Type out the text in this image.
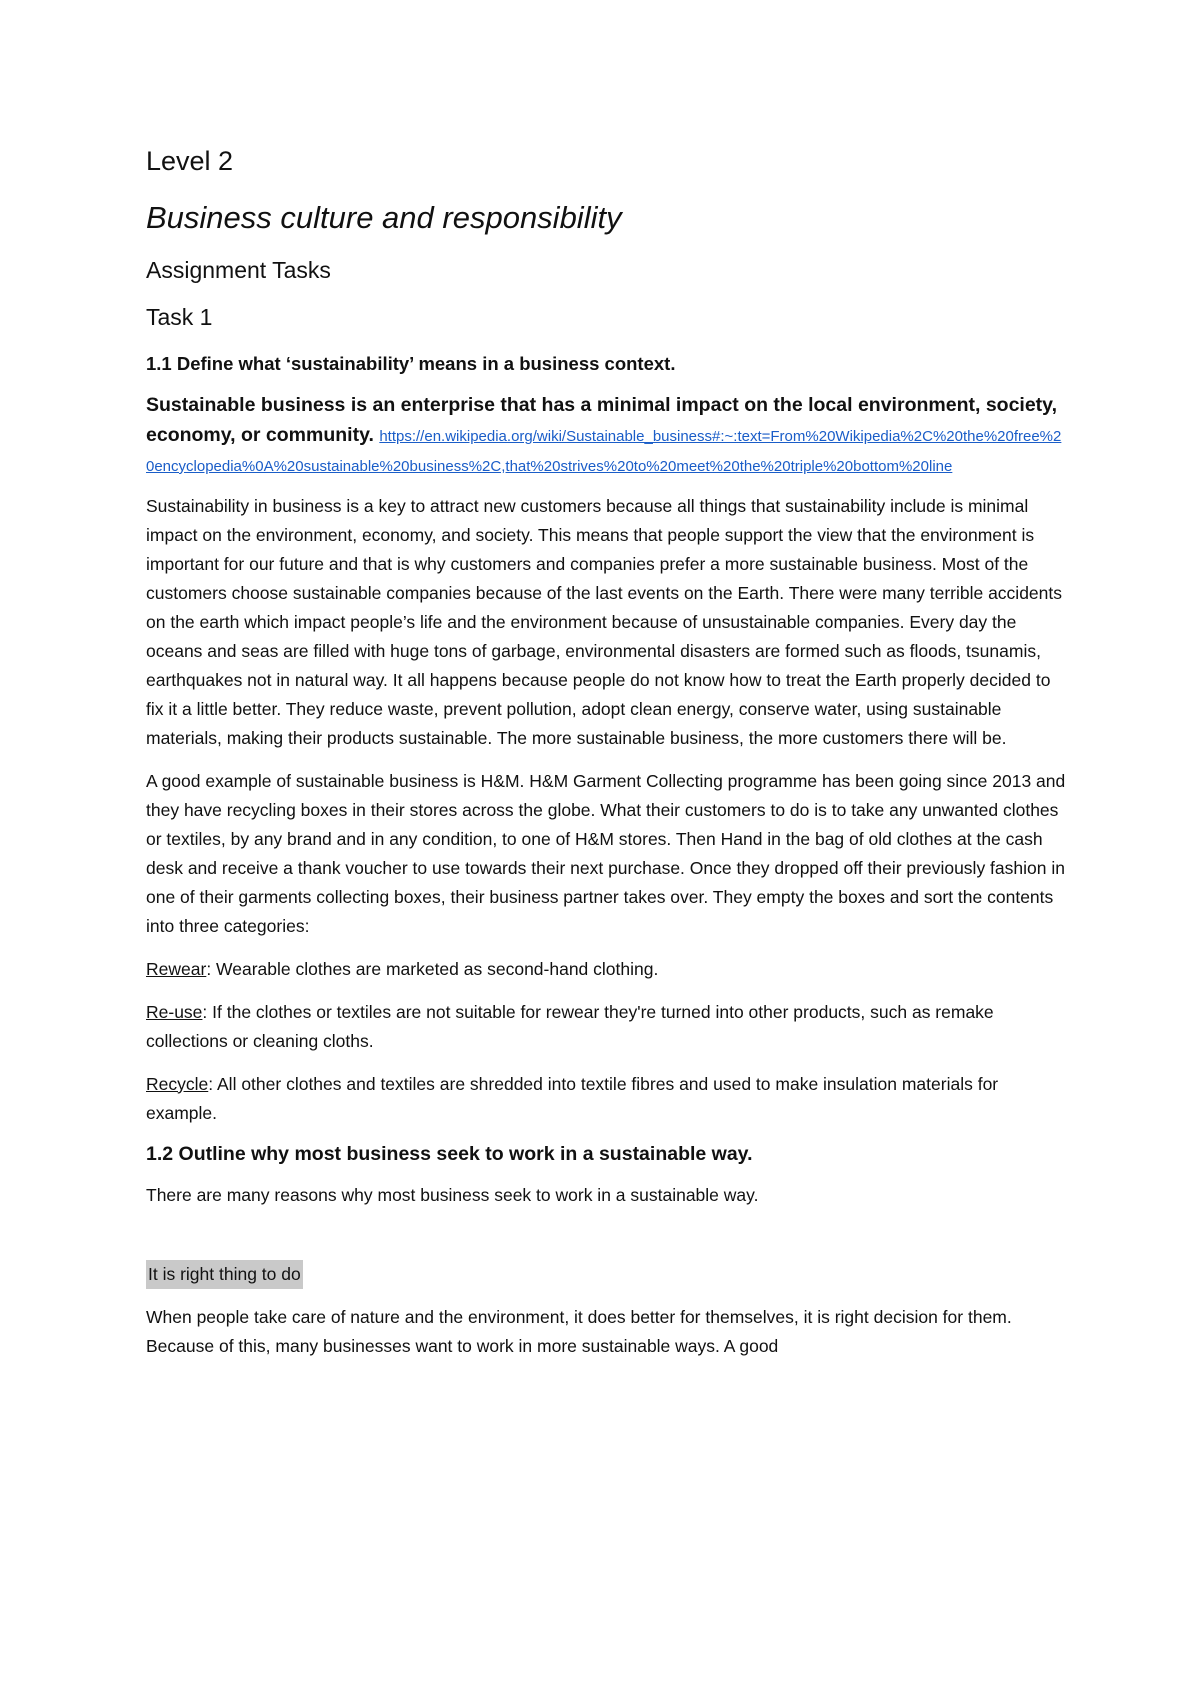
Level 2
Business culture and responsibility
Assignment Tasks
Task 1
1.1 Define what ‘sustainability’ means in a business context.
Sustainable business is an enterprise that has a minimal impact on the local environment, society, economy, or community. https://en.wikipedia.org/wiki/Sustainable_business#:~:text=From%20Wikipedia%2C%20the%20free%20encyclopedia%0A%20sustainable%20business%2C,that%20strives%20to%20meet%20the%20triple%20bottom%20line

Sustainability in business is a key to attract new customers because all things that sustainability include is minimal impact on the environment, economy, and society. This means that people support the view that the environment is important for our future and that is why customers and companies prefer a more sustainable business. Most of the customers choose sustainable companies because of the last events on the Earth. There were many terrible accidents on the earth which impact people’s life and the environment because of unsustainable companies. Every day the oceans and seas are filled with huge tons of garbage, environmental disasters are formed such as floods, tsunamis, earthquakes not in natural way. It all happens because people do not know how to treat the Earth properly decided to fix it a little better. They reduce waste, prevent pollution, adopt clean energy, conserve water, using sustainable materials, making their products sustainable. The more sustainable business, the more customers there will be.

A good example of sustainable business is H&M. H&M Garment Collecting programme has been going since 2013 and they have recycling boxes in their stores across the globe. What their customers to do is to take any unwanted clothes or textiles, by any brand and in any condition, to one of H&M stores. Then Hand in the bag of old clothes at the cash desk and receive a thank voucher to use towards their next purchase. Once they dropped off their previously fashion in one of their garments collecting boxes, their business partner takes over. They empty the boxes and sort the contents into three categories:

Rewear: Wearable clothes are marketed as second-hand clothing.

Re-use: If the clothes or textiles are not suitable for rewear they're turned into other products, such as remake collections or cleaning cloths.

Recycle: All other clothes and textiles are shredded into textile fibres and used to make insulation materials for example.

1.2 Outline why most business seek to work in a sustainable way.

There are many reasons why most business seek to work in a sustainable way.

It is right thing to do

When people take care of nature and the environment, it does better for themselves, it is right decision for them. Because of this, many businesses want to work in more sustainable ways. A good
